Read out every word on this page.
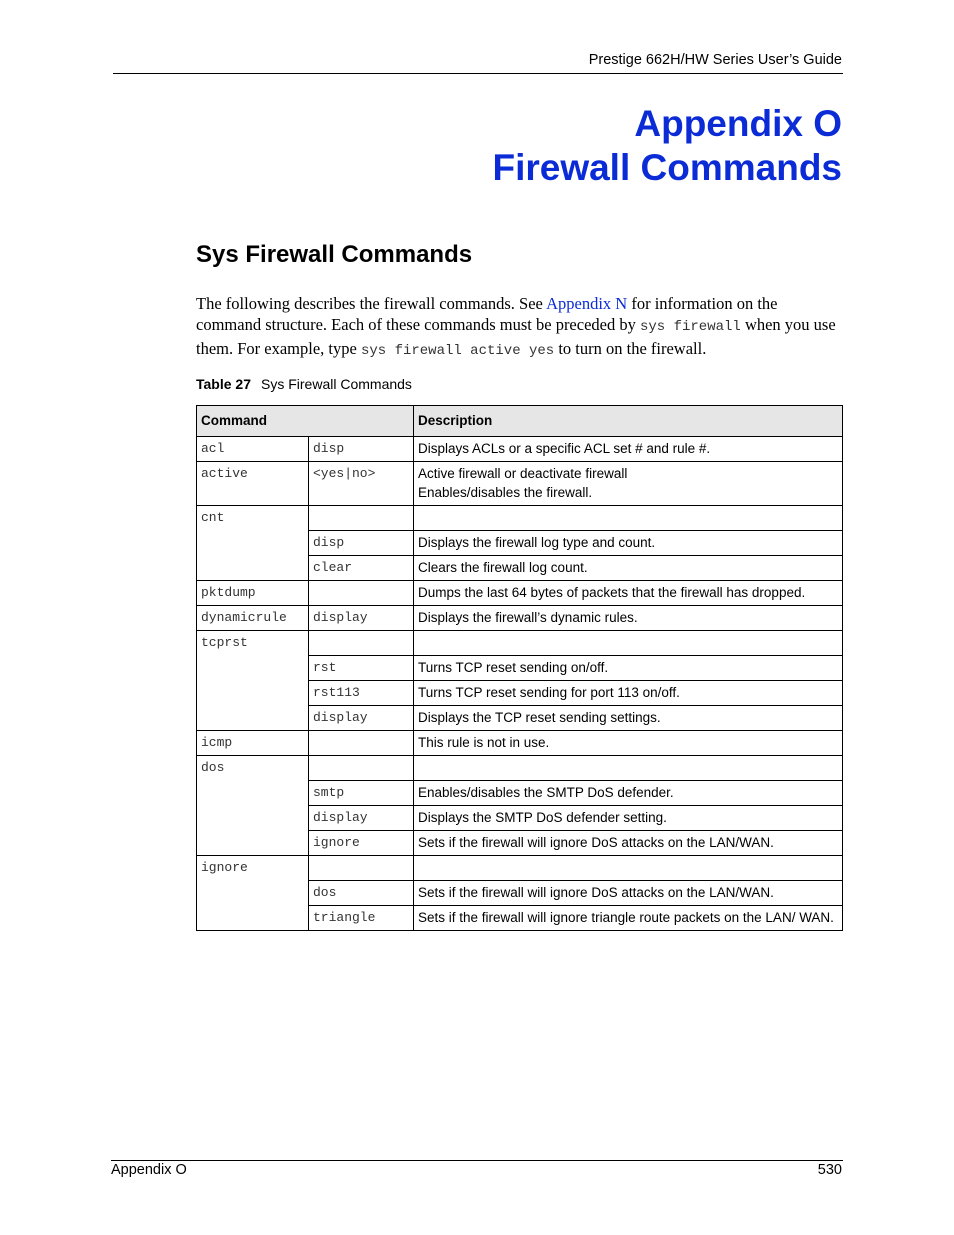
Prestige 662H/HW Series User’s Guide
Appendix O
Firewall Commands
Sys Firewall Commands

The following describes the firewall commands. See Appendix N for information on the command structure. Each of these commands must be preceded by sys firewall when you use them. For example, type sys firewall active yes to turn on the firewall.

Table 27 Sys Firewall Commands
Command		Description
acl	disp	Displays ACLs or a specific ACL set # and rule #.
active	<yes|no>	Active firewall or deactivate firewall
Enables/disables the firewall.

cnt		
	disp	Displays the firewall log type and count.
	clear	Clears the firewall log count.
pktdump		Dumps the last 64 bytes of packets that the firewall has dropped.
dynamicrule	display	Displays the firewall’s dynamic rules.
tcprst		
	rst	Turns TCP reset sending on/off.
	rst113	Turns TCP reset sending for port 113 on/off.
	display	Displays the TCP reset sending settings.
icmp		This rule is not in use.
dos		
	smtp	Enables/disables the SMTP DoS defender.
	display	Displays the SMTP DoS defender setting.
	ignore	Sets if the firewall will ignore DoS attacks on the LAN/WAN.
ignore		
	dos	Sets if the firewall will ignore DoS attacks on the LAN/WAN.
	triangle	Sets if the firewall will ignore triangle route packets on the LAN/ WAN.
Appendix O	530
